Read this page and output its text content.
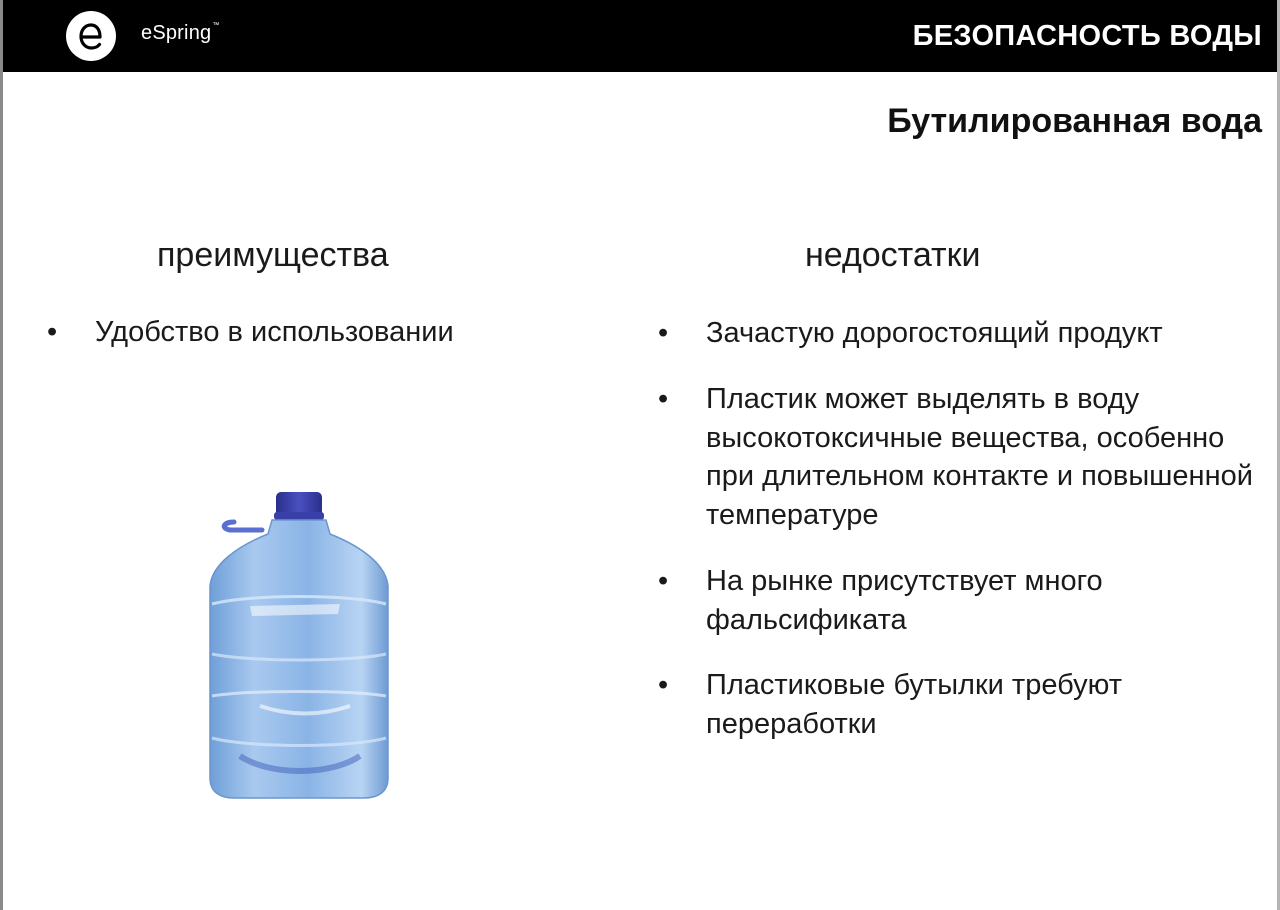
eSpring™	БЕЗОПАСНОСТЬ ВОДЫ
Бутилированная вода
преимущества	недостатки
• Удобство в использовании	• Зачастую дорогостоящий продукт
• Пластик может выделять в воду высокотоксичные вещества, особенно при длительном контакте и повышенной температуре
• На рынке присутствует много фальсификата
• Пластиковые бутылки требуют переработки
